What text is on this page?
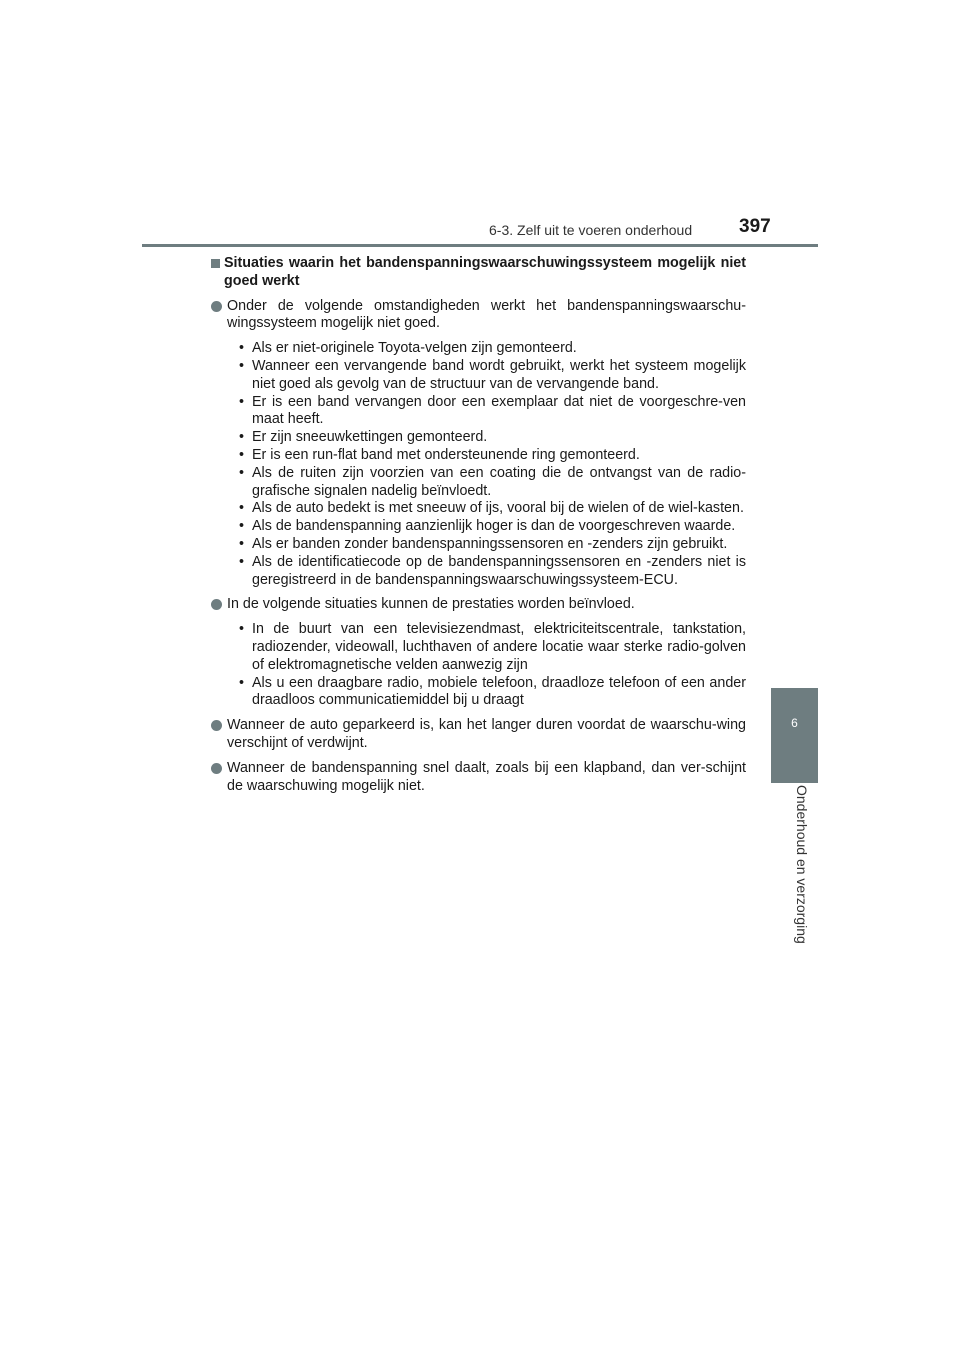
6-3. Zelf uit te voeren onderhoud 397
6
Onderhoud en verzorging
Situaties waarin het bandenspanningswaarschuwingssysteem mogelijk niet goed werkt
Onder de volgende omstandigheden werkt het bandenspanningswaarschu-wingssysteem mogelijk niet goed.
• Als er niet-originele Toyota-velgen zijn gemonteerd.
• Wanneer een vervangende band wordt gebruikt, werkt het systeem mogelijk niet goed als gevolg van de structuur van de vervangende band.
• Er is een band vervangen door een exemplaar dat niet de voorgeschre-ven maat heeft.
• Er zijn sneeuwkettingen gemonteerd.
• Er is een run-flat band met ondersteunende ring gemonteerd.
• Als de ruiten zijn voorzien van een coating die de ontvangst van de radio-grafische signalen nadelig beïnvloedt.
• Als de auto bedekt is met sneeuw of ijs, vooral bij de wielen of de wiel-kasten.
• Als de bandenspanning aanzienlijk hoger is dan de voorgeschreven waarde.
• Als er banden zonder bandenspanningssensoren en -zenders zijn gebruikt.
• Als de identificatiecode op de bandenspanningssensoren en -zenders niet is geregistreerd in de bandenspanningswaarschuwingssysteem-ECU.
In de volgende situaties kunnen de prestaties worden beïnvloed.
• In de buurt van een televisiezendmast, elektriciteitscentrale, tankstation, radiozender, videowall, luchthaven of andere locatie waar sterke radio-golven of elektromagnetische velden aanwezig zijn
• Als u een draagbare radio, mobiele telefoon, draadloze telefoon of een ander draadloos communicatiemiddel bij u draagt
Wanneer de auto geparkeerd is, kan het langer duren voordat de waarschu-wing verschijnt of verdwijnt.
Wanneer de bandenspanning snel daalt, zoals bij een klapband, dan ver-schijnt de waarschuwing mogelijk niet.
